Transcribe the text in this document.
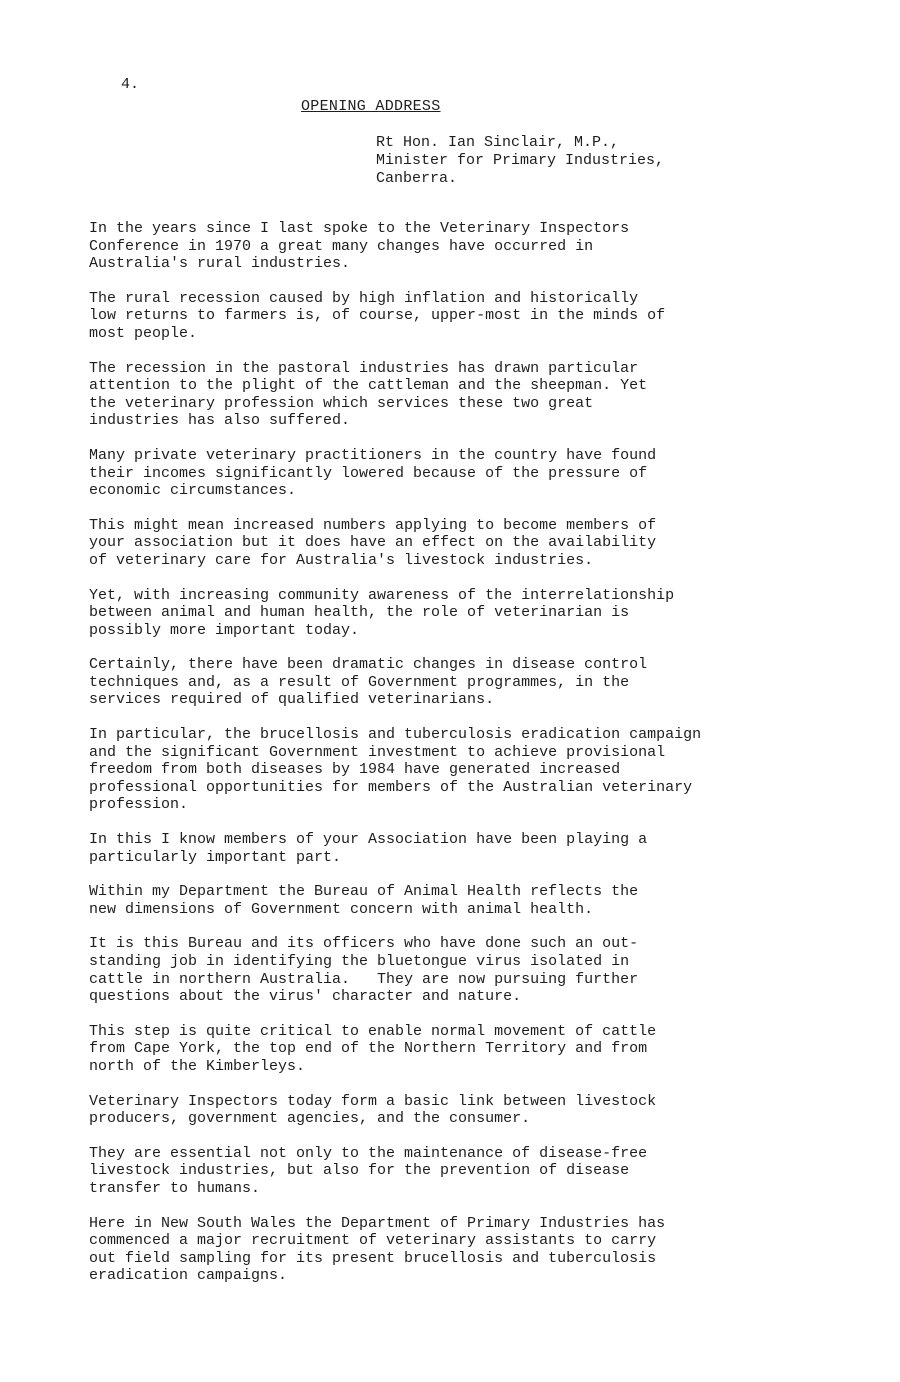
4.
OPENING ADDRESS
Rt Hon. Ian Sinclair, M.P.,
Minister for Primary Industries,
Canberra.
In the years since I last spoke to the Veterinary Inspectors
Conference in 1970 a great many changes have occurred in
Australia's rural industries.
The rural recession caused by high inflation and historically
low returns to farmers is, of course, upper-most in the minds of
most people.
The recession in the pastoral industries has drawn particular
attention to the plight of the cattleman and the sheepman. Yet
the veterinary profession which services these two great
industries has also suffered.
Many private veterinary practitioners in the country have found
their incomes significantly lowered because of the pressure of
economic circumstances.
This might mean increased numbers applying to become members of
your association but it does have an effect on the availability
of veterinary care for Australia's livestock industries.
Yet, with increasing community awareness of the interrelationship
between animal and human health, the role of veterinarian is
possibly more important today.
Certainly, there have been dramatic changes in disease control
techniques and, as a result of Government programmes, in the
services required of qualified veterinarians.
In particular, the brucellosis and tuberculosis eradication campaign
and the significant Government investment to achieve provisional
freedom from both diseases by 1984 have generated increased
professional opportunities for members of the Australian veterinary
profession.
In this I know members of your Association have been playing a
particularly important part.
Within my Department the Bureau of Animal Health reflects the
new dimensions of Government concern with animal health.
It is this Bureau and its officers who have done such an out-
standing job in identifying the bluetongue virus isolated in
cattle in northern Australia.   They are now pursuing further
questions about the virus' character and nature.
This step is quite critical to enable normal movement of cattle
from Cape York, the top end of the Northern Territory and from
north of the Kimberleys.
Veterinary Inspectors today form a basic link between livestock
producers, government agencies, and the consumer.
They are essential not only to the maintenance of disease-free
livestock industries, but also for the prevention of disease
transfer to humans.
Here in New South Wales the Department of Primary Industries has
commenced a major recruitment of veterinary assistants to carry
out field sampling for its present brucellosis and tuberculosis
eradication campaigns.
